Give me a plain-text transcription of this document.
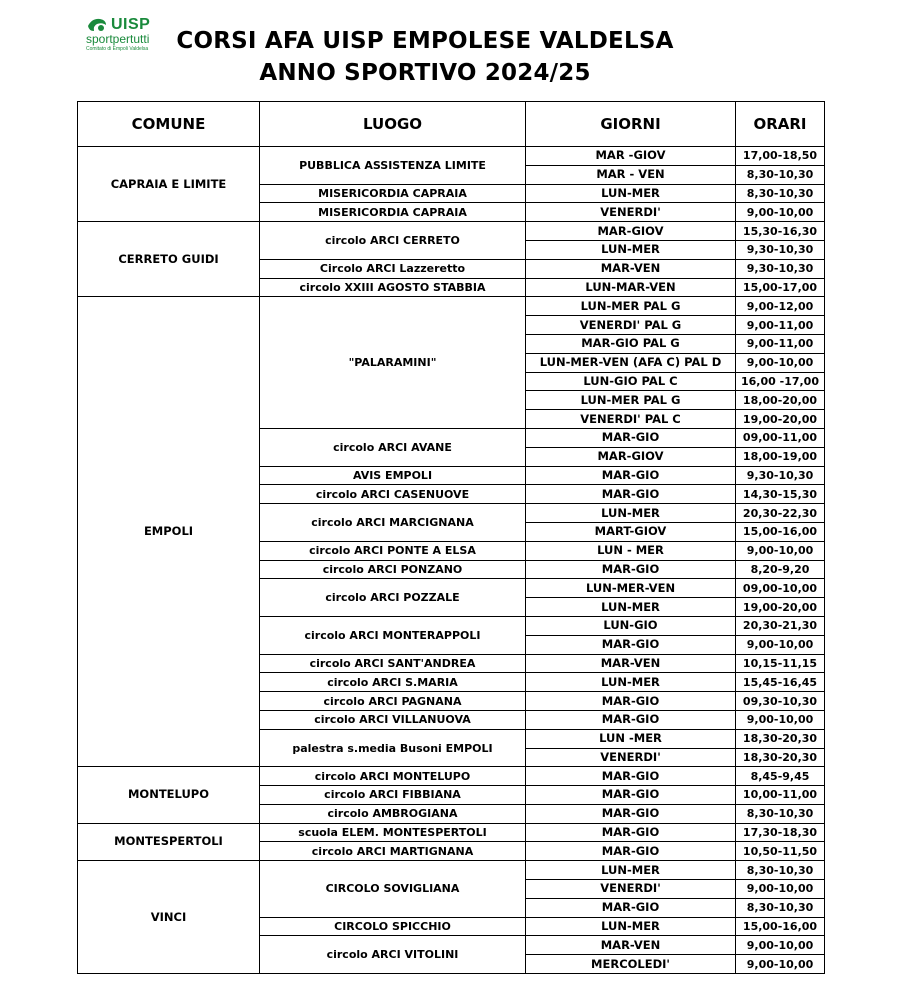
UISP
sportpertutti
Comitato di Empoli Valdelsa	CORSI AFA UISP EMPOLESE VALDELSA
ANNO SPORTIVO 2024/25
COMUNE	LUOGO	GIORNI	ORARI
CAPRAIA E LIMITE	PUBBLICA ASSISTENZA LIMITE	MAR -GIOV	17,00-18,50
		MAR - VEN	8,30-10,30
	MISERICORDIA CAPRAIA	LUN-MER	8,30-10,30
	MISERICORDIA CAPRAIA	VENERDI'	9,00-10,00
CERRETO GUIDI	circolo ARCI CERRETO	MAR-GIOV	15,30-16,30
		LUN-MER	9,30-10,30
	Circolo ARCI Lazzeretto	MAR-VEN	9,30-10,30
	circolo XXIII AGOSTO STABBIA	LUN-MAR-VEN	15,00-17,00
EMPOLI	"PALARAMINI"	LUN-MER PAL G	9,00-12,00
		VENERDI' PAL G	9,00-11,00
		MAR-GIO PAL G	9,00-11,00
		LUN-MER-VEN (AFA C) PAL D	9,00-10,00
		LUN-GIO PAL C	16,00 -17,00
		LUN-MER PAL G	18,00-20,00
		VENERDI' PAL C	19,00-20,00
	circolo ARCI AVANE	MAR-GIO	09,00-11,00
		MAR-GIOV	18,00-19,00
	AVIS EMPOLI	MAR-GIO	9,30-10,30
	circolo ARCI CASENUOVE	MAR-GIO	14,30-15,30
	circolo ARCI MARCIGNANA	LUN-MER	20,30-22,30
		MART-GIOV	15,00-16,00
	circolo ARCI PONTE A ELSA	LUN - MER	9,00-10,00
	circolo ARCI PONZANO	MAR-GIO	8,20-9,20
	circolo ARCI POZZALE	LUN-MER-VEN	09,00-10,00
		LUN-MER	19,00-20,00
	circolo ARCI MONTERAPPOLI	LUN-GIO	20,30-21,30
		MAR-GIO	9,00-10,00
	circolo ARCI SANT'ANDREA	MAR-VEN	10,15-11,15
	circolo ARCI S.MARIA	LUN-MER	15,45-16,45
	circolo ARCI PAGNANA	MAR-GIO	09,30-10,30
	circolo ARCI VILLANUOVA	MAR-GIO	9,00-10,00
	palestra s.media Busoni EMPOLI	LUN -MER	18,30-20,30
		VENERDI'	18,30-20,30
MONTELUPO	circolo ARCI MONTELUPO	MAR-GIO	8,45-9,45
	circolo ARCI FIBBIANA	MAR-GIO	10,00-11,00
	circolo AMBROGIANA	MAR-GIO	8,30-10,30
MONTESPERTOLI	scuola ELEM. MONTESPERTOLI	MAR-GIO	17,30-18,30
	circolo ARCI MARTIGNANA	MAR-GIO	10,50-11,50
VINCI	CIRCOLO SOVIGLIANA	LUN-MER	8,30-10,30
		VENERDI'	9,00-10,00
		MAR-GIO	8,30-10,30
	CIRCOLO SPICCHIO	LUN-MER	15,00-16,00
	circolo ARCI VITOLINI	MAR-VEN	9,00-10,00
		MERCOLEDI'	9,00-10,00
